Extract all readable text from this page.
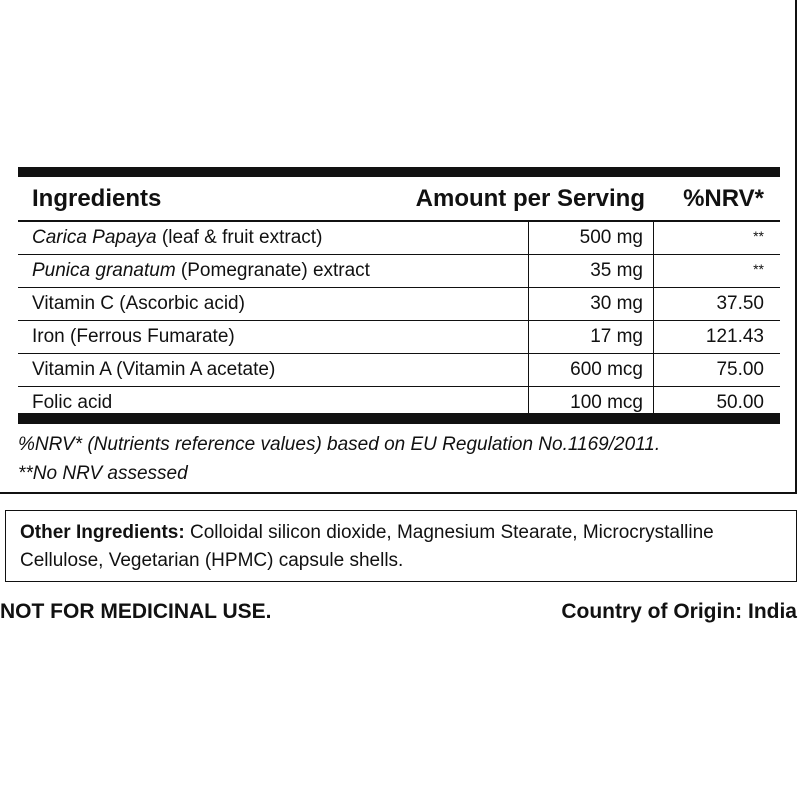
Ingredients	Amount per Serving %NRV*
Carica Papaya (leaf & fruit extract)	500 mg	**
Punica granatum (Pomegranate) extract	35 mg	**
Vitamin C (Ascorbic acid)	30 mg	37.50
Iron (Ferrous Fumarate)	17 mg	121.43
Vitamin A (Vitamin A acetate)	600 mcg	75.00
Folic acid	100 mcg	50.00
%NRV* (Nutrients reference values) based on EU Regulation No.1169/2011.
**No NRV assessed
Other Ingredients: Colloidal silicon dioxide, Magnesium Stearate, Microcrystalline Cellulose, Vegetarian (HPMC) capsule shells.
NOT FOR MEDICINAL USE.	Country of Origin: India
